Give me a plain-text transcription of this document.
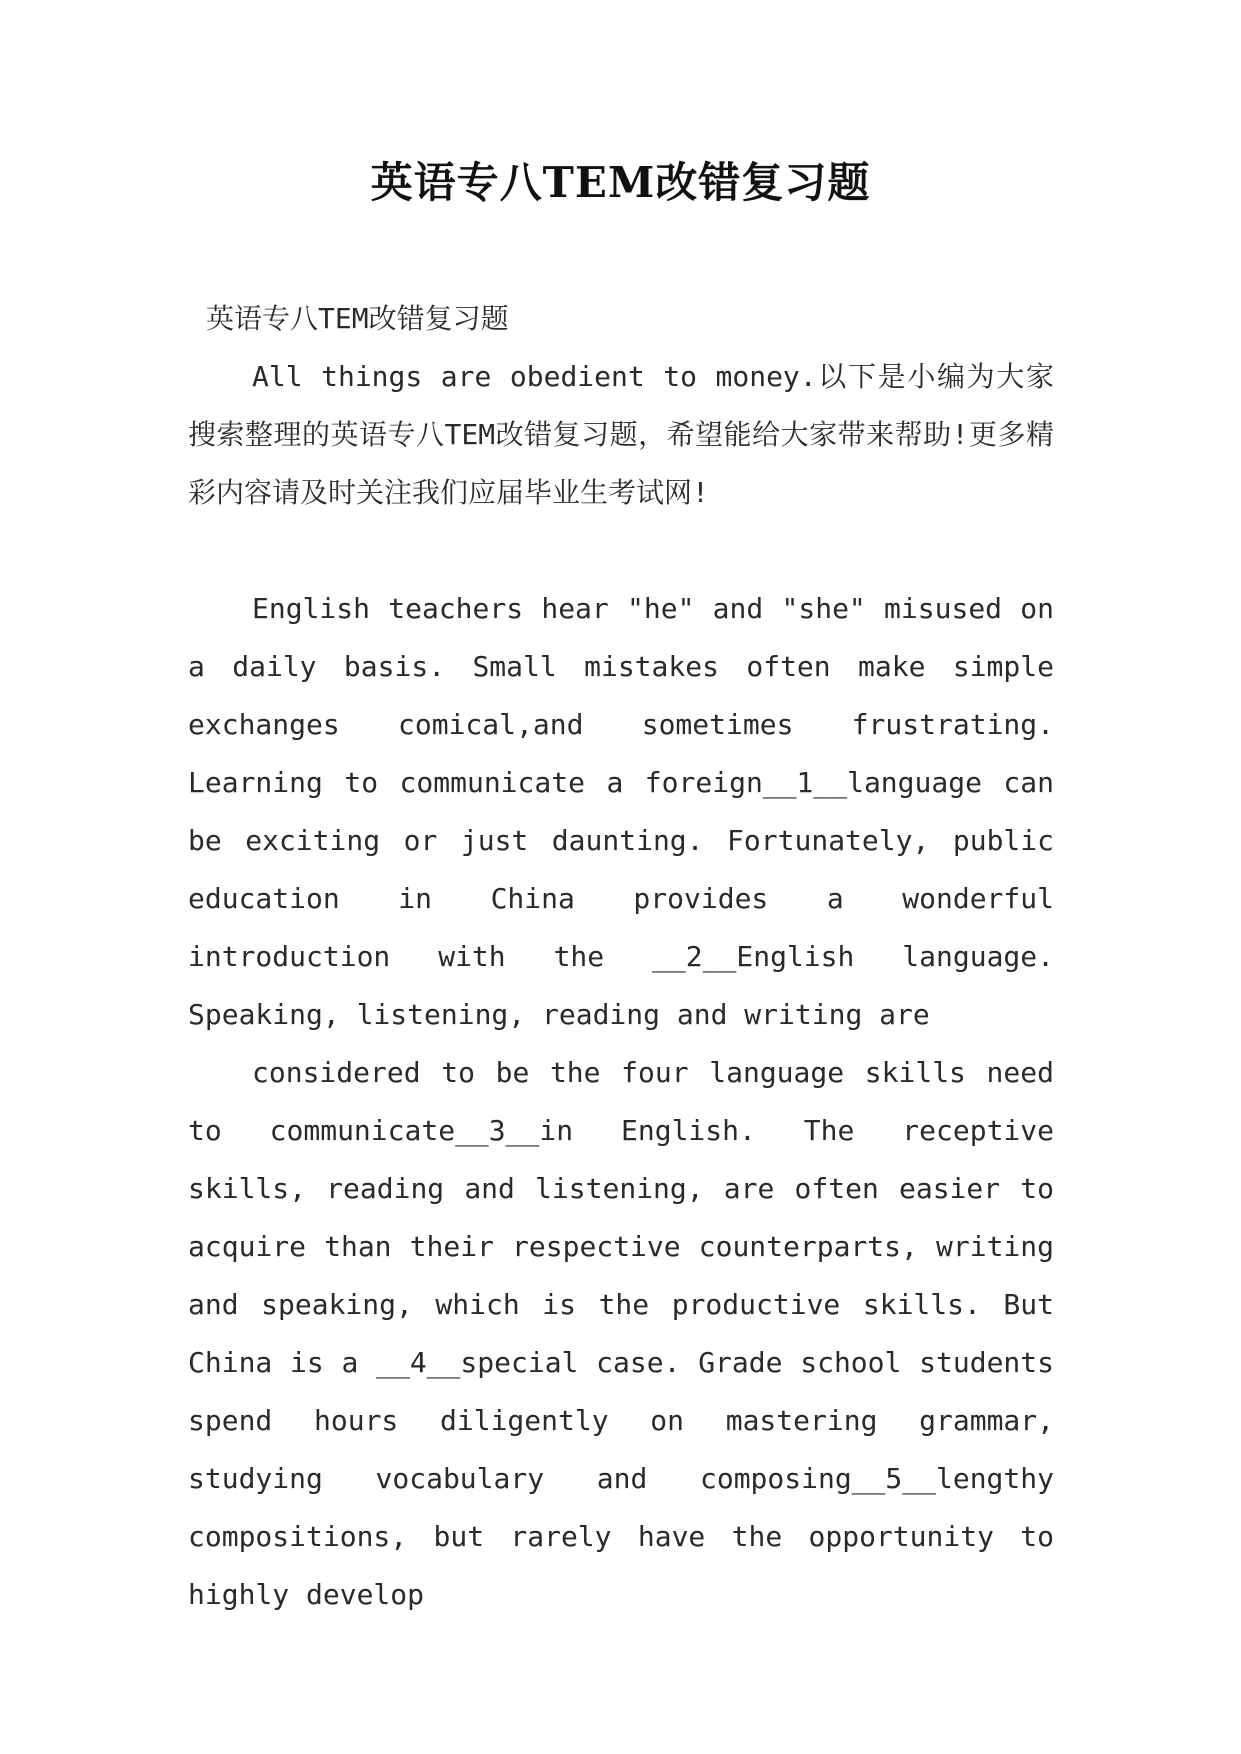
英语专八TEM改错复习题

英语专八TEM改错复习题

All things are obedient to money.以下是小编为大家搜索整理的英语专八TEM改错复习题，希望能给大家带来帮助!更多精彩内容请及时关注我们应届毕业生考试网!

English teachers hear "he" and "she" misused on a daily basis. Small mistakes often make simple exchanges comical,and sometimes frustrating. Learning to communicate a foreign__1__language can be exciting or just daunting. Fortunately, public education in China provides a wonderful introduction with the __2__English language. Speaking, listening, reading and writing are

considered to be the four language skills need to communicate__3__in English. The receptive skills, reading and listening, are often easier to acquire than their respective counterparts, writing and speaking, which is the productive skills. But China is a __4__special case. Grade school students spend hours diligently on mastering grammar, studying vocabulary and composing__5__lengthy compositions, but rarely have the opportunity to highly develop
